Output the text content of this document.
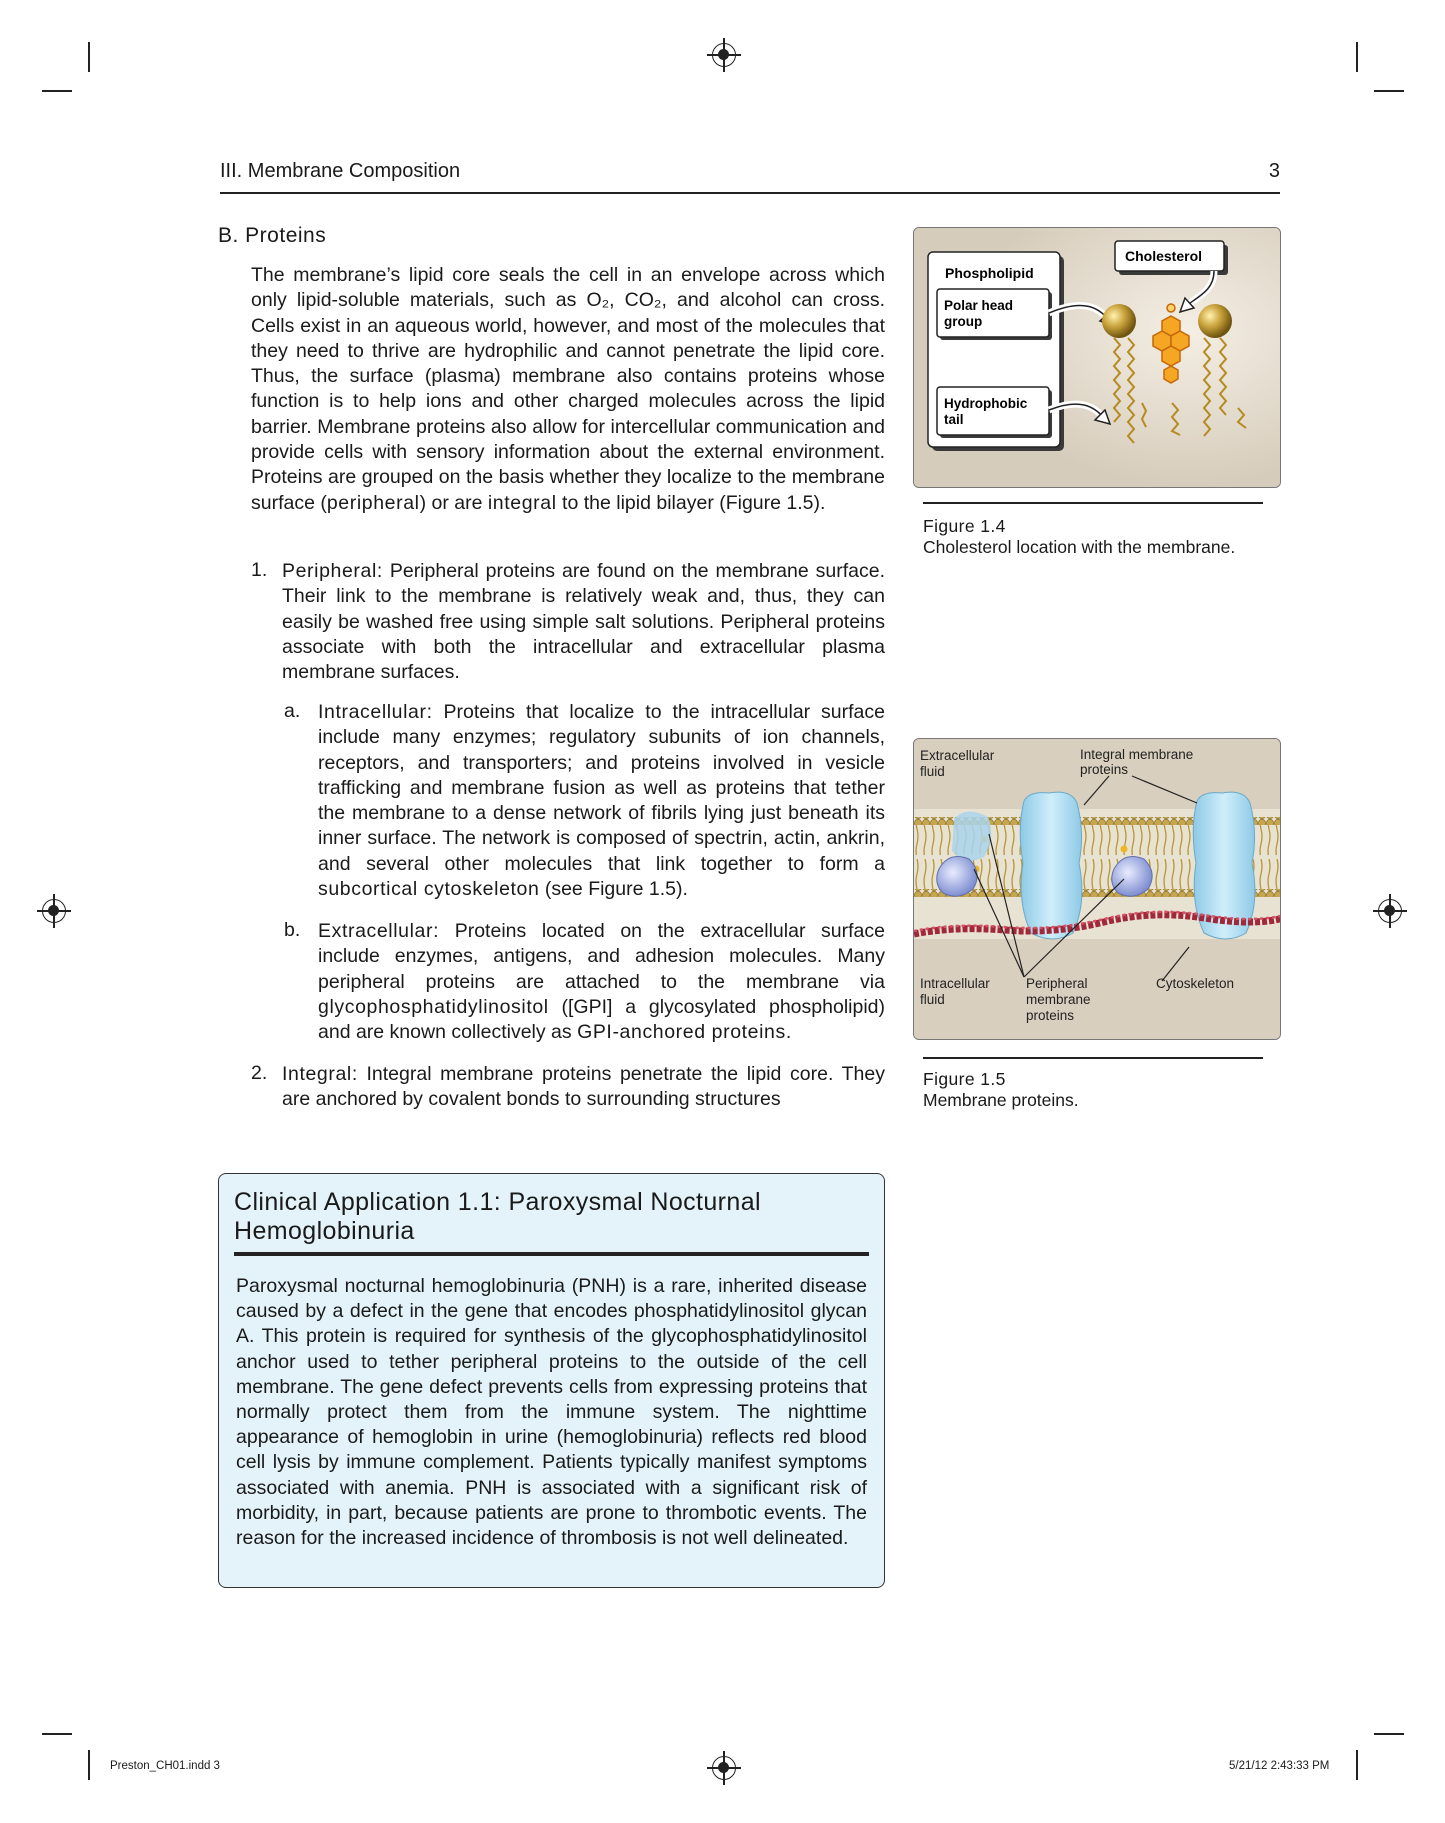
III. Membrane Composition	3
B. Proteins

The membrane’s lipid core seals the cell in an envelope across which only lipid-soluble materials, such as O₂, CO₂, and alcohol can cross. Cells exist in an aqueous world, however, and most of the molecules that they need to thrive are hydrophilic and cannot penetrate the lipid core. Thus, the surface (plasma) membrane also contains proteins whose function is to help ions and other charged molecules across the lipid barrier. Membrane proteins also allow for intercellular communication and provide cells with sensory information about the external environment. Proteins are grouped on the basis whether they localize to the membrane surface (peripheral) or are integral to the lipid bilayer (Figure 1.5).

1. Peripheral: Peripheral proteins are found on the membrane surface. Their link to the membrane is relatively weak and, thus, they can easily be washed free using simple salt solutions. Peripheral proteins associate with both the intracellular and extracellular plasma membrane surfaces.

a. Intracellular: Proteins that localize to the intracellular surface include many enzymes; regulatory subunits of ion channels, receptors, and transporters; and proteins involved in vesicle trafficking and membrane fusion as well as proteins that tether the membrane to a dense network of fibrils lying just beneath its inner surface. The network is composed of spectrin, actin, ankrin, and several other molecules that link together to form a subcortical cytoskeleton (see Figure 1.5).

b. Extracellular: Proteins located on the extracellular surface include enzymes, antigens, and adhesion molecules. Many peripheral proteins are attached to the membrane via glycophosphatidylinositol ([GPI] a glycosylated phospholipid) and are known collectively as GPI-anchored proteins.

2. Integral: Integral membrane proteins penetrate the lipid core. They are anchored by covalent bonds to surrounding structures

Phospholipid
Polar head
group
Hydrophobic
tail
Cholesterol
Figure 1.4
Cholesterol location with the membrane.
Extracellular
fluid
Integral membrane
proteins
Intracellular
fluid
Peripheral
membrane
proteins
Cytoskeleton
Figure 1.5
Membrane proteins.
Clinical Application 1.1: Paroxysmal Nocturnal
Hemoglobinuria
Paroxysmal nocturnal hemoglobinuria (PNH) is a rare, inherited disease caused by a defect in the gene that encodes phosphatidylinositol glycan A. This protein is required for synthesis of the glycophosphatidylinositol anchor used to tether peripheral proteins to the outside of the cell membrane. The gene defect prevents cells from expressing proteins that normally protect them from the immune system. The nighttime appearance of hemoglobin in urine (hemoglobinuria) reflects red blood cell lysis by immune complement. Patients typically manifest symptoms associated with anemia. PNH is associated with a significant risk of morbidity, in part, because patients are prone to thrombotic events. The reason for the increased incidence of thrombosis is not well delineated.
Preston_CH01.indd 3	5/21/12 2:43:33 PM
